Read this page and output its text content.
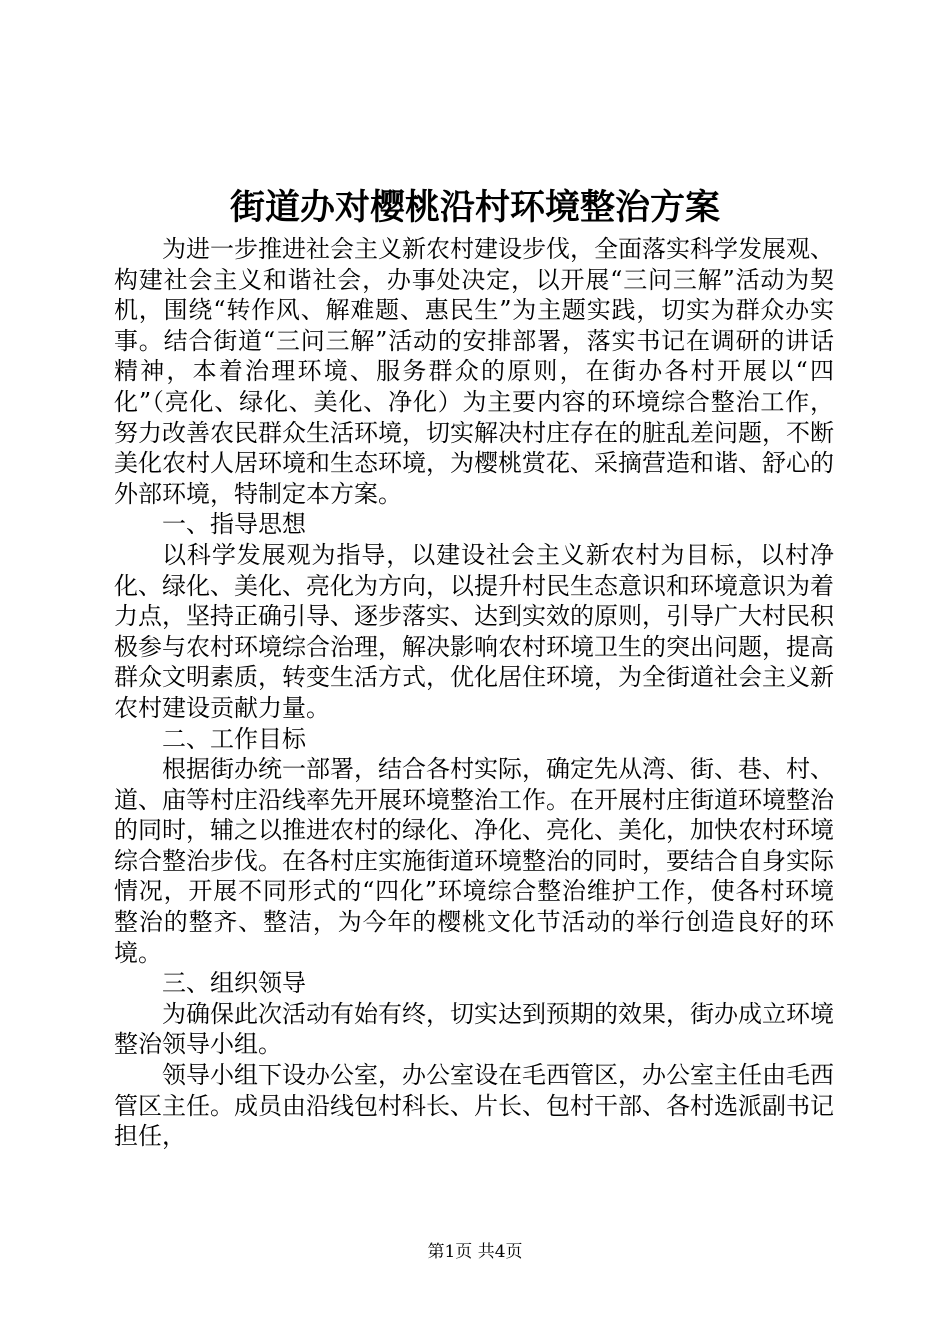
街道办对樱桃沿村环境整治方案

为进一步推进社会主义新农村建设步伐，全面落实科学发展观、构建社会主义和谐社会，办事处决定，以开展“三问三解”活动为契机，围绕“转作风、解难题、惠民生”为主题实践，切实为群众办实事。结合街道“三问三解”活动的安排部署，落实书记在调研的讲话精神，本着治理环境、服务群众的原则，在街办各村开展以“四化”（亮化、绿化、美化、净化）为主要内容的环境综合整治工作，努力改善农民群众生活环境，切实解决村庄存在的脏乱差问题，不断美化农村人居环境和生态环境，为樱桃赏花、采摘营造和谐、舒心的外部环境，特制定本方案。

一、指导思想

以科学发展观为指导，以建设社会主义新农村为目标，以村净化、绿化、美化、亮化为方向，以提升村民生态意识和环境意识为着力点，坚持正确引导、逐步落实、达到实效的原则，引导广大村民积极参与农村环境综合治理，解决影响农村环境卫生的突出问题，提高群众文明素质，转变生活方式，优化居住环境，为全街道社会主义新农村建设贡献力量。

二、工作目标

根据街办统一部署，结合各村实际，确定先从湾、街、巷、村、道、庙等村庄沿线率先开展环境整治工作。在开展村庄街道环境整治的同时，辅之以推进农村的绿化、净化、亮化、美化，加快农村环境综合整治步伐。在各村庄实施街道环境整治的同时，要结合自身实际情况，开展不同形式的“四化”环境综合整治维护工作，使各村环境整治的整齐、整洁，为今年的樱桃文化节活动的举行创造良好的环境。

三、组织领导

为确保此次活动有始有终，切实达到预期的效果，街办成立环境整治领导小组。

领导小组下设办公室，办公室设在毛西管区，办公室主任由毛西管区主任。成员由沿线包村科长、片长、包村干部、各村选派副书记担任，

第1页 共4页
